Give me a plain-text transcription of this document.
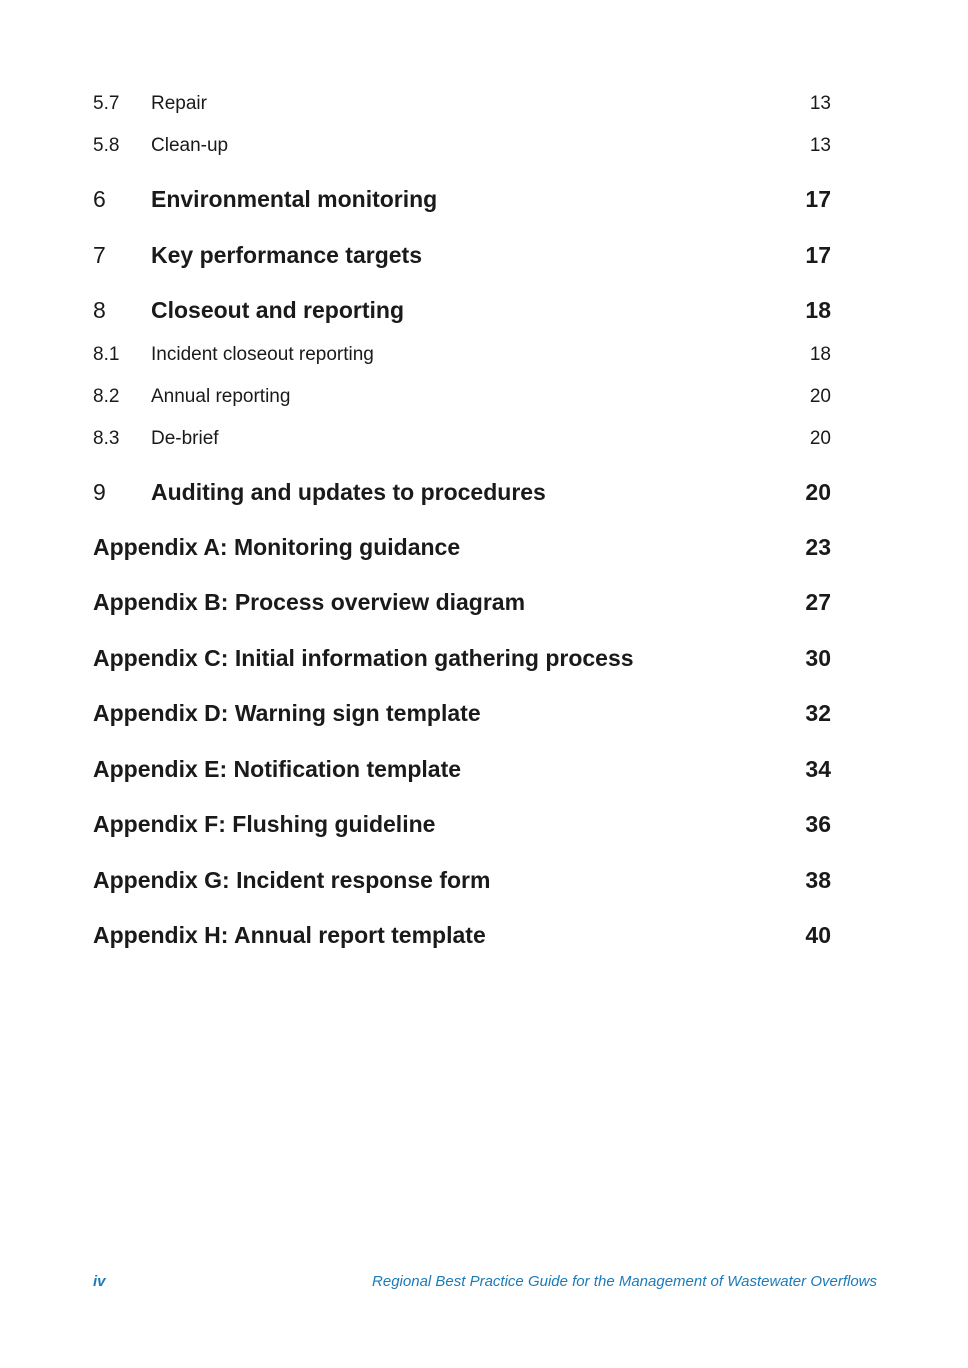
5.7 Repair	13
5.8 Clean-up	13
6 Environmental monitoring	17
7 Key performance targets	17
8 Closeout and reporting	18
8.1 Incident closeout reporting	18
8.2 Annual reporting	20
8.3 De-brief	20
9 Auditing and updates to procedures	20
Appendix A: Monitoring guidance	23
Appendix B: Process overview diagram	27
Appendix C: Initial information gathering process	30
Appendix D: Warning sign template	32
Appendix E: Notification template	34
Appendix F: Flushing guideline	36
Appendix G: Incident response form	38
Appendix H: Annual report template	40
iv	Regional Best Practice Guide for the Management of Wastewater Overflows
